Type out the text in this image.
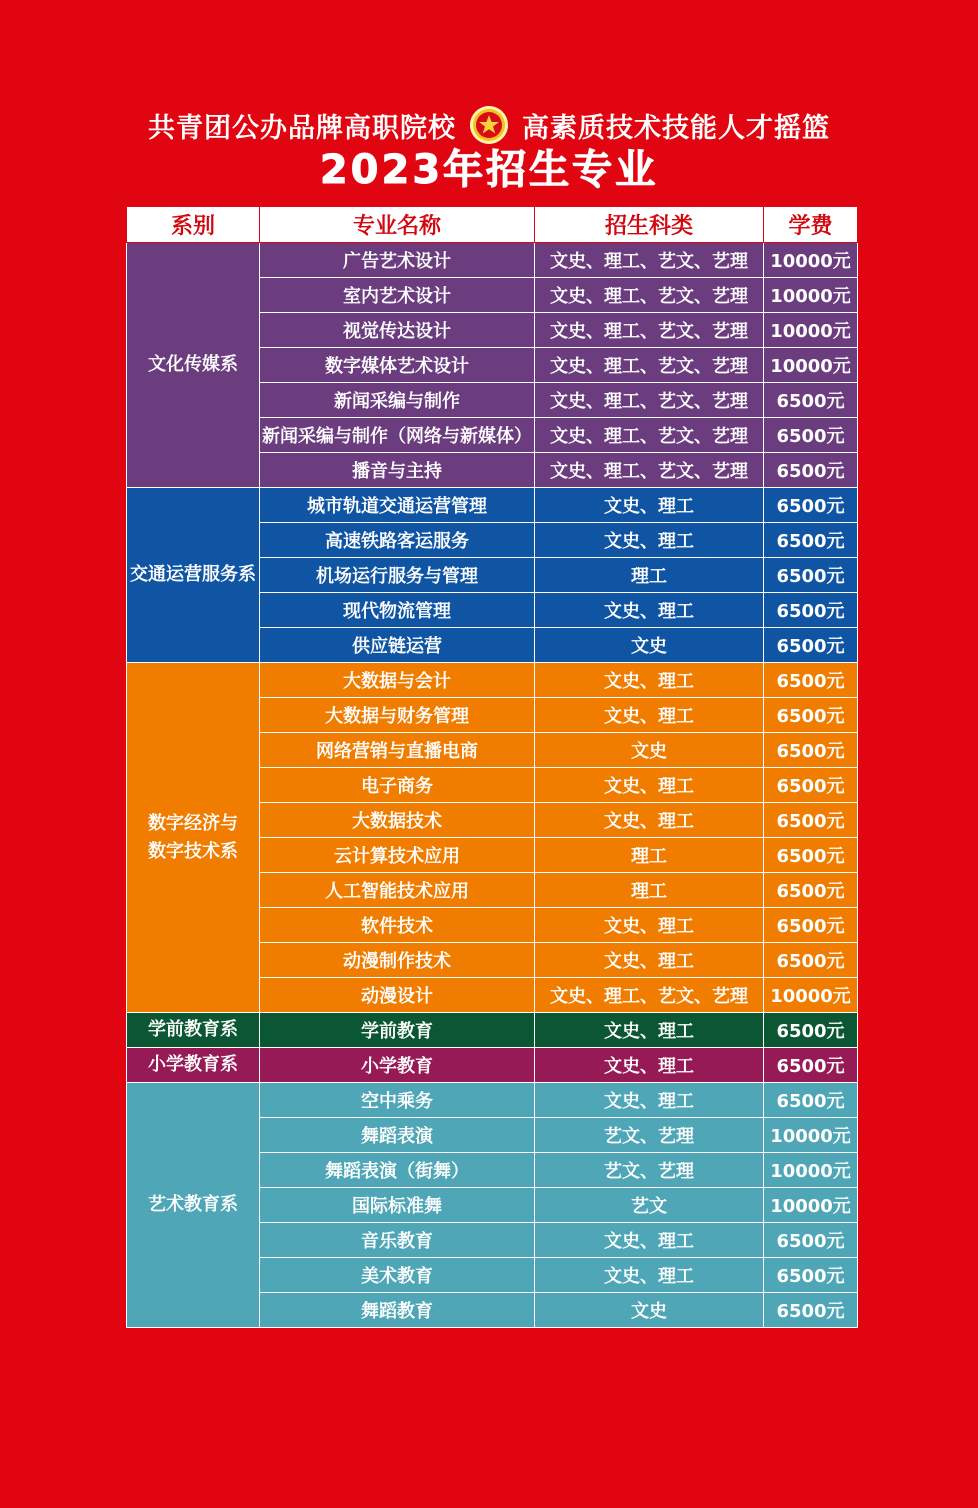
共青团公办品牌高职院校 高素质技术技能人才摇篮
2023年招生专业
系别	专业名称	招生科类	学费
文化传媒系	广告艺术设计	文史、理工、艺文、艺理	10000元
	室内艺术设计	文史、理工、艺文、艺理	10000元
	视觉传达设计	文史、理工、艺文、艺理	10000元
	数字媒体艺术设计	文史、理工、艺文、艺理	10000元
	新闻采编与制作	文史、理工、艺文、艺理	6500元
	新闻采编与制作（网络与新媒体）	文史、理工、艺文、艺理	6500元
	播音与主持	文史、理工、艺文、艺理	6500元
交通运营服务系	城市轨道交通运营管理	文史、理工	6500元
	高速铁路客运服务	文史、理工	6500元
	机场运行服务与管理	理工	6500元
	现代物流管理	文史、理工	6500元
	供应链运营	文史	6500元

数字经济与
数字技术系	大数据与会计	文史、理工	6500元
	大数据与财务管理	文史、理工	6500元
	网络营销与直播电商	文史	6500元
	电子商务	文史、理工	6500元
	大数据技术	文史、理工	6500元
	云计算技术应用	理工	6500元
	人工智能技术应用	理工	6500元
	软件技术	文史、理工	6500元
	动漫制作技术	文史、理工	6500元
	动漫设计	文史、理工、艺文、艺理	10000元
学前教育系	学前教育	文史、理工	6500元
小学教育系	小学教育	文史、理工	6500元
艺术教育系	空中乘务	文史、理工	6500元
	舞蹈表演	艺文、艺理	10000元
	舞蹈表演（街舞）	艺文、艺理	10000元
	国际标准舞	艺文	10000元
	音乐教育	文史、理工	6500元
	美术教育	文史、理工	6500元
	舞蹈教育	文史	6500元
